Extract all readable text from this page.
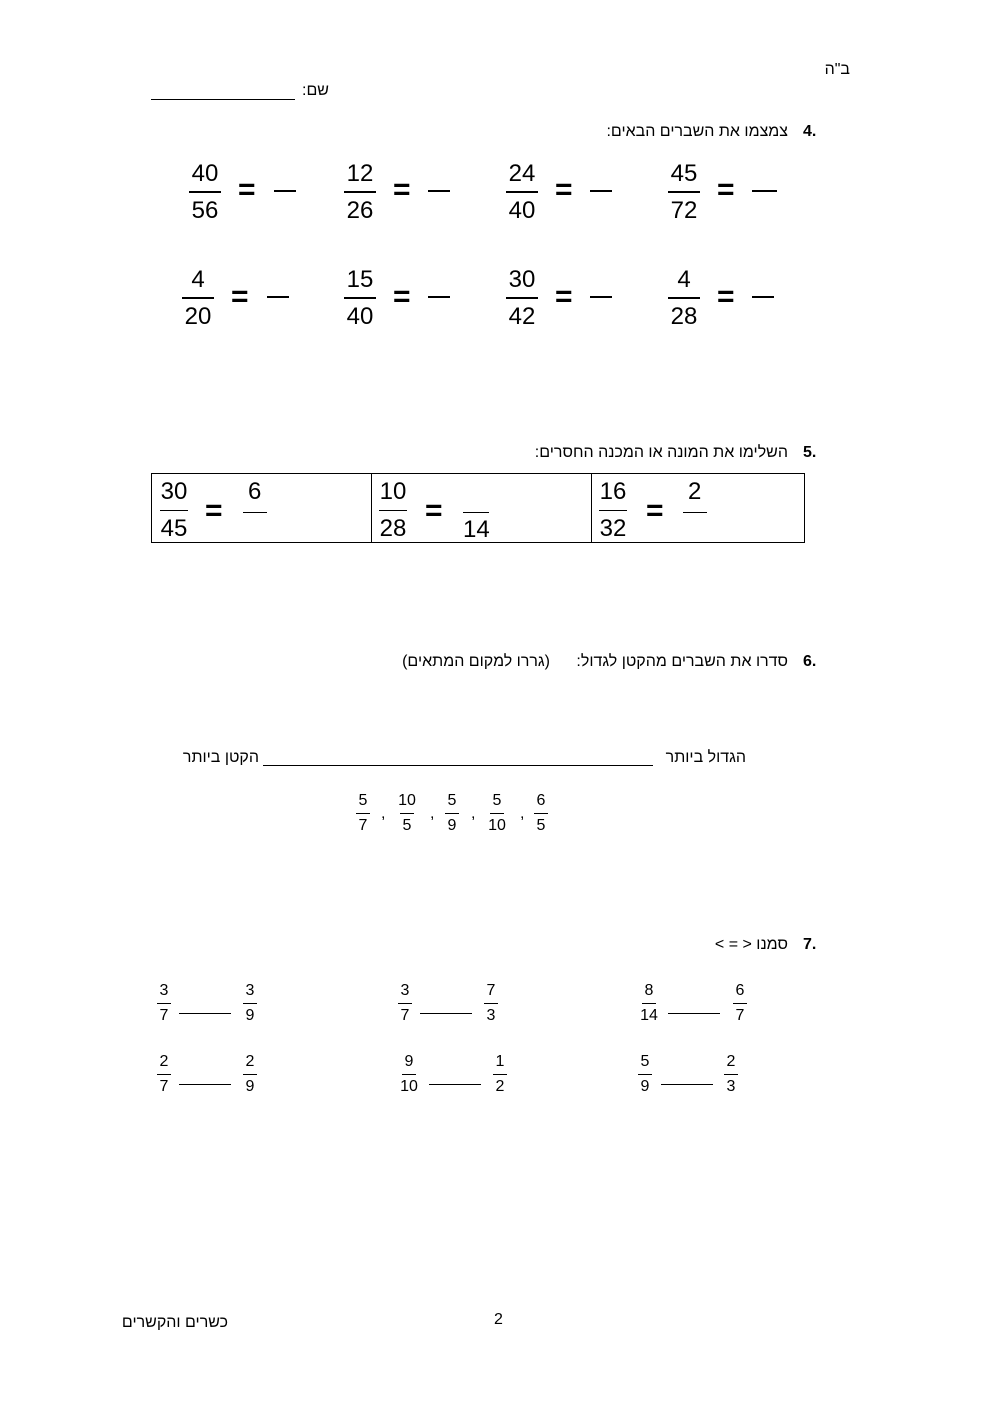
ב"ה
שם:
4.
צמצמו את השברים הבאים:
45
72
=
24
40
=
12
26
=
40
56
=
4
28
=
30
42
=
15
40
=
4
20
=
5.
השלימו את המונה או המכנה החסרים:
16
32
=
2
10
28
=
14
30
45
=
6
6.
סדרו את השברים מהקטן לגדול:
(גררו למקום המתאים)
הגדול ביותר
הקטן ביותר
6
5
,
5
10
,
5
9
,
10
5
,
5
7
7.
סמנו < = >
8
14
6
7
3
7
7
3
3
7
3
9
5
9
2
3
9
10
1
2
2
7
2
9
2
כשרים והקשרים
